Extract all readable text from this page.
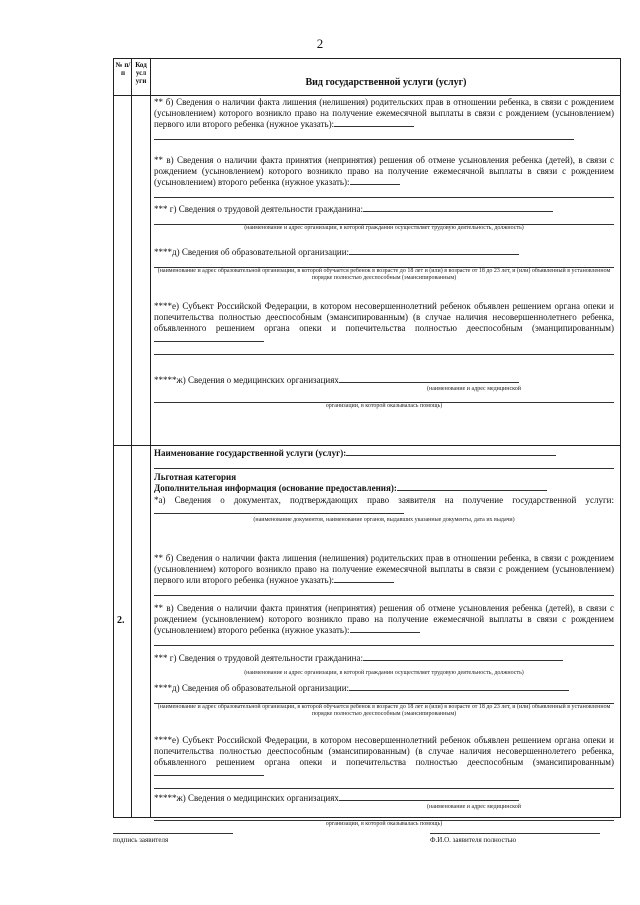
2
№ п/ п
Код усл уги	Вид государственной услуги (услуг)
** б) Сведения о наличии факта лишения (нелишения) родительских прав в отношении ребенка, в связи с рождением (усыновлением) которого возникло право на получение ежемесячной выплаты в связи с рождением (усыновлением) первого или второго ребенка (нужное указать):
** в) Сведения о наличии факта принятия (непринятия) решения об отмене усыновления ребенка (детей), в связи с рождением (усыновлением) которого возникло право на получение ежемесячной выплаты в связи с рождением (усыновлением) второго ребенка (нужное указать):
*** г) Сведения о трудовой деятельности гражданина:
(наименование и адрес организации, в которой гражданин осуществляет трудовую деятельность, должность)
****д) Сведения об образовательной организации:
(наименование и адрес образовательной организации, в которой обучается ребенок в возрасте до 18 лет и (или) в возрасте от 18 до 23 лет, и (или) объявленный в установленном порядке полностью дееспособным (эмансипированным)
****е) Субъект Российской Федерации, в котором несовершеннолетний ребенок объявлен решением органа опеки и попечительства полностью дееспособным (эмансипированным) (в случае наличия несовершеннолетнего ребенка, объявленного решением органа опеки и попечительства полностью дееспособным (эманципированным)
*****ж) Сведения о медицинских организациях
(наименование и адрес медицинской
организации, в которой оказывалась помощь)
2.
Наименование государственной услуги (услуг):
Льготная категория
Дополнительная информация (основание предоставления):
*а) Сведения о документах, подтверждающих право заявителя на получение государственной услуги:
(наименование документов, наименование органов, выдавших указанные документы, дата их выдачи)
** б) Сведения о наличии факта лишения (нелишения) родительских прав в отношении ребенка, в связи с рождением (усыновлением) которого возникло право на получение ежемесячной выплаты в связи с рождением (усыновлением) первого или второго ребенка (нужное указать):
** в) Сведения о наличии факта принятия (непринятия) решения об отмене усыновления ребенка (детей), в связи с рождением (усыновлением) которого возникло право на получение ежемесячной выплаты в связи с рождением (усыновлением) второго ребенка (нужное указать):
*** г) Сведения о трудовой деятельности гражданина:
(наименование и адрес организации, в которой гражданин осуществляет трудовую деятельность, должность)
****д) Сведения об образовательной организации:
(наименование и адрес образовательной организации, в которой обучается ребенок в возрасте до 18 лет и (или) в возрасте от 18 до 23 лет, и (или) объявленный в установленном порядке полностью дееспособным (эмансипированным)
****е) Субъект Российской Федерации, в котором несовершеннолетний ребенок объявлен решением органа опеки и попечительства полностью дееспособным (эмансипированным) (в случае наличия несовершеннолетего ребенка, объявленного решением органа опеки и попечительства полностью дееспособным (эмансипированным)
*****ж) Сведения о медицинских организациях
(наименование и адрес медицинской
организации, в которой оказывалась помощь)
подпись заявителя	Ф.И.О. заявителя полностью
